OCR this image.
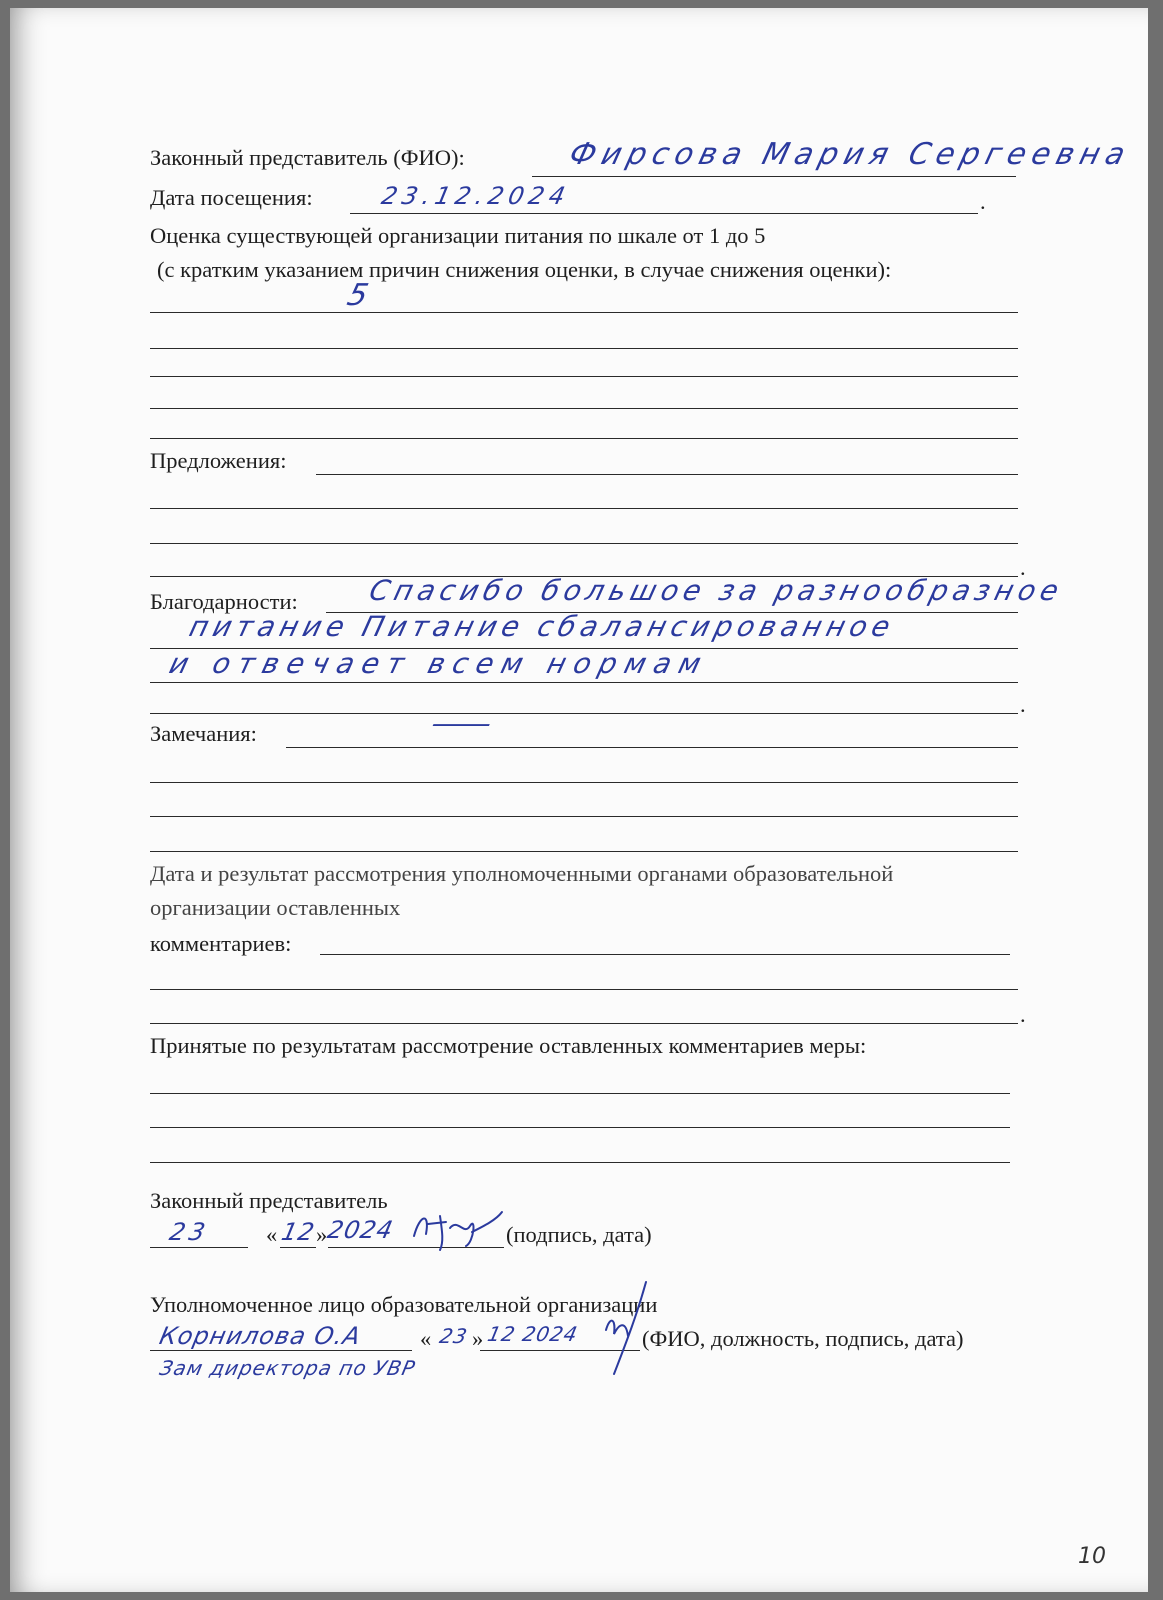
Законный представитель (ФИО):	Фирсова Мария Сергеевна
Дата посещения:	23.12.2024	.
Оценка существующей организации питания по шкале от 1 до 5
(с кратким указанием причин снижения оценки, в случае снижения оценки):
5
Предложения:
.
Благодарности: Спасибо большое за разнообразное
питание Питание сбалансированное
и отвечает всем нормам
.
Замечания:	—
Дата и результат рассмотрения уполномоченными органами образовательной
организации оставленных
комментариев:
.
Принятые по результатам рассмотрение оставленных комментариев меры:
Законный представитель
23 « 12
»
2024	(подпись, дата)
Уполномоченное лицо образовательной организации
Корнилова О.А	« 23 » 12 2024	(ФИО, должность, подпись, дата)
Зам директора по УВР
10
